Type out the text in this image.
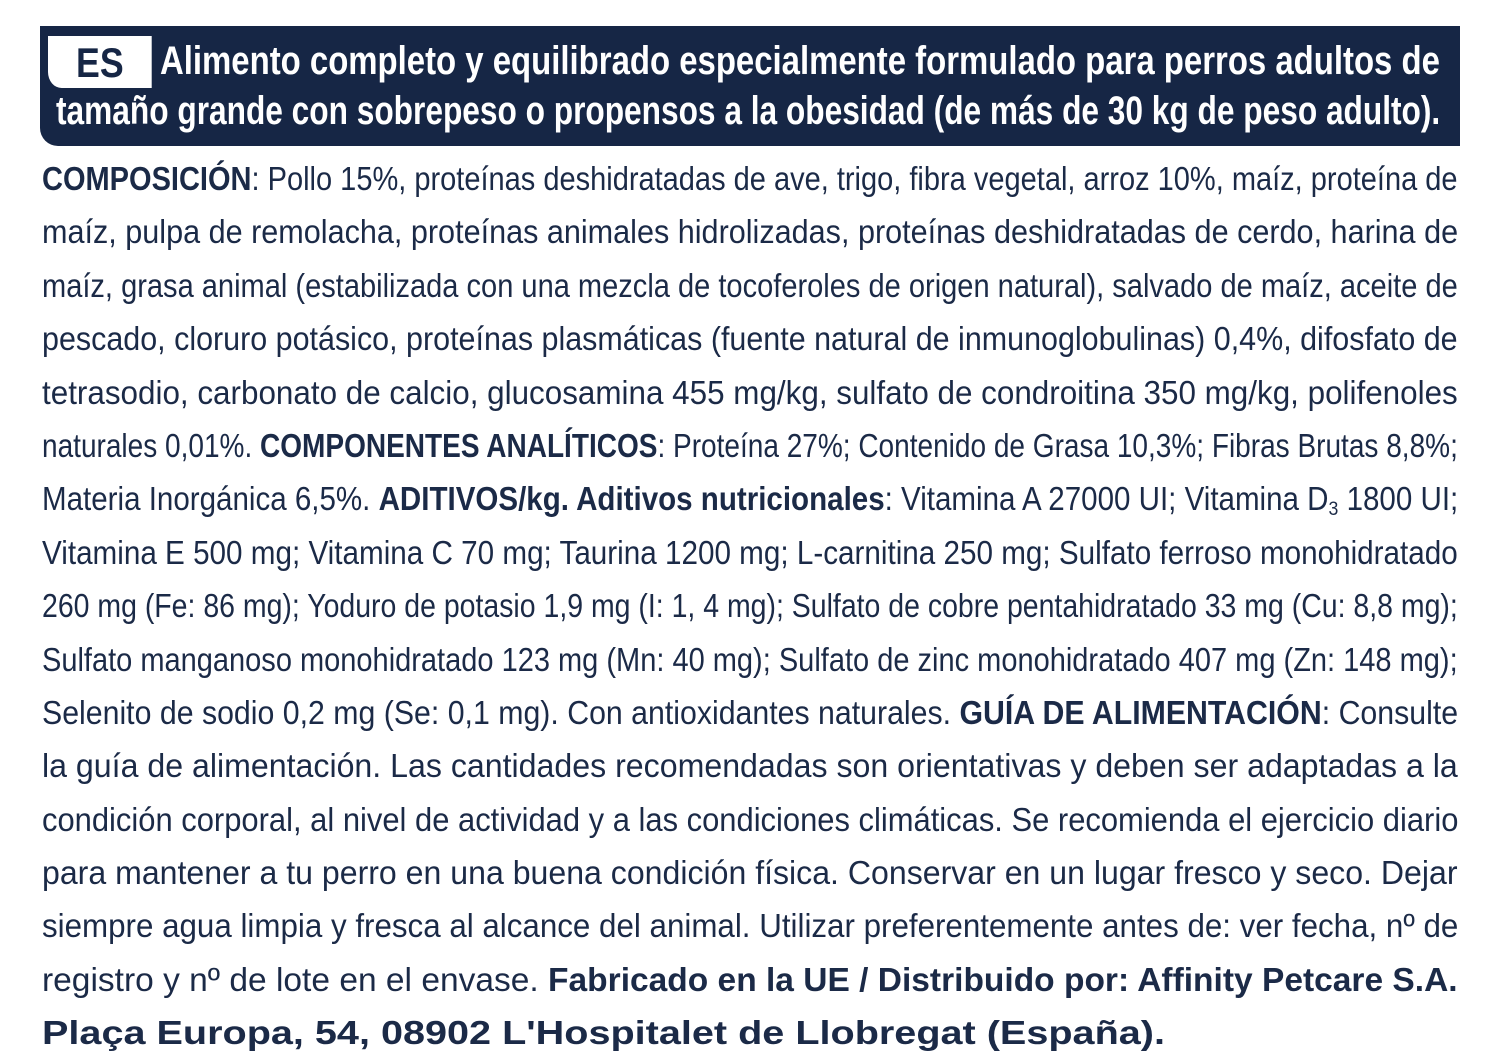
ES Alimento completo y equilibrado especialmente formulado para perros adultos de
tamaño grande con sobrepeso o propensos a la obesidad (de más de 30 kg de peso adulto).
COMPOSICIÓN: Pollo 15%, proteínas deshidratadas de ave, trigo, fibra vegetal, arroz 10%, maíz, proteína de
maíz, pulpa de remolacha, proteínas animales hidrolizadas, proteínas deshidratadas de cerdo, harina de
maíz, grasa animal (estabilizada con una mezcla de tocoferoles de origen natural), salvado de maíz, aceite de
pescado, cloruro potásico, proteínas plasmáticas (fuente natural de inmunoglobulinas) 0,4%, difosfato de
tetrasodio, carbonato de calcio, glucosamina 455 mg/kg, sulfato de condroitina 350 mg/kg, polifenoles
naturales 0,01%. COMPONENTES ANALÍTICOS: Proteína 27%; Contenido de Grasa 10,3%; Fibras Brutas 8,8%;
Materia Inorgánica 6,5%. ADITIVOS/kg. Aditivos nutricionales: Vitamina A 27000 UI; Vitamina $D_3$ 1800 UI;
Vitamina E 500 mg; Vitamina C 70 mg; Taurina 1200 mg; L-carnitina 250 mg; Sulfato ferroso monohidratado
260 mg (Fe: 86 mg); Yoduro de potasio 1,9 mg (I: 1, 4 mg); Sulfato de cobre pentahidratado 33 mg (Cu: 8,8 mg);
Sulfato manganoso monohidratado 123 mg (Mn: 40 mg); Sulfato de zinc monohidratado 407 mg (Zn: 148 mg);
Selenito de sodio 0,2 mg (Se: 0,1 mg). Con antioxidantes naturales. GUÍA DE ALIMENTACIÓN: Consulte
la guía de alimentación. Las cantidades recomendadas son orientativas y deben ser adaptadas a la
condición corporal, al nivel de actividad y a las condiciones climáticas. Se recomienda el ejercicio diario
para mantener a tu perro en una buena condición física. Conservar en un lugar fresco y seco. Dejar
siempre agua limpia y fresca al alcance del animal. Utilizar preferentemente antes de: ver fecha, nº de
registro y nº de lote en el envase. Fabricado en la UE / Distribuido por: Affinity Petcare S.A.
Plaça Europa, 54, 08902 L'Hospitalet de Llobregat (España).
